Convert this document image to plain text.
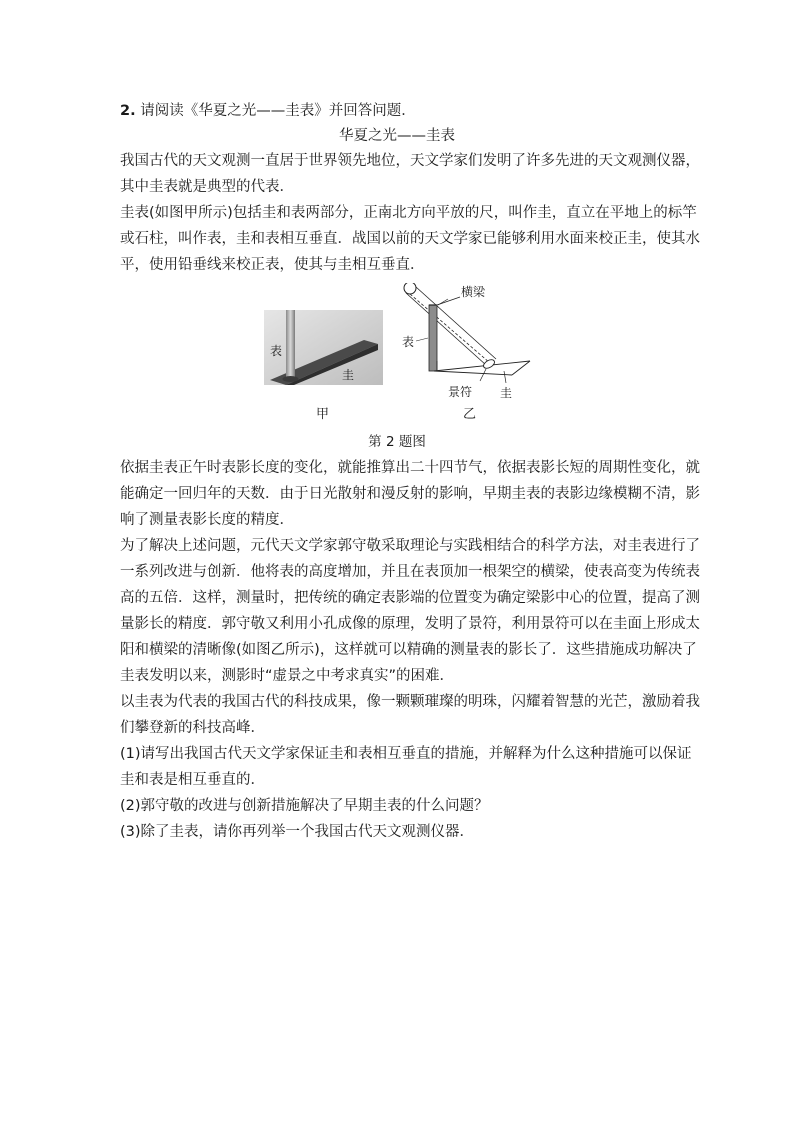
2. 请阅读《华夏之光——圭表》并回答问题．
华夏之光——圭表
我国古代的天文观测一直居于世界领先地位，天文学家们发明了许多先进的天文观测仪器，
其中圭表就是典型的代表．
圭表(如图甲所示)包括圭和表两部分，正南北方向平放的尺，叫作圭，直立在平地上的标竿
或石柱，叫作表，圭和表相互垂直．战国以前的天文学家已能够利用水面来校正圭，使其水
平，使用铅垂线来校正表，使其与圭相互垂直．
表
圭
横梁
表
景符 圭
甲	乙
第 2 题图
依据圭表正午时表影长度的变化，就能推算出二十四节气，依据表影长短的周期性变化，就
能确定一回归年的天数．由于日光散射和漫反射的影响，早期圭表的表影边缘模糊不清，影
响了测量表影长度的精度．
为了解决上述问题，元代天文学家郭守敬采取理论与实践相结合的科学方法，对圭表进行了
一系列改进与创新．他将表的高度增加，并且在表顶加一根架空的横梁，使表高变为传统表
高的五倍．这样，测量时，把传统的确定表影端的位置变为确定梁影中心的位置，提高了测
量影长的精度．郭守敬又利用小孔成像的原理，发明了景符，利用景符可以在圭面上形成太
阳和横梁的清晰像(如图乙所示)，这样就可以精确的测量表的影长了．这些措施成功解决了
圭表发明以来，测影时“虚景之中考求真实”的困难．
以圭表为代表的我国古代的科技成果，像一颗颗璀璨的明珠，闪耀着智慧的光芒，激励着我
们攀登新的科技高峰．
(1)请写出我国古代天文学家保证圭和表相互垂直的措施，并解释为什么这种措施可以保证
圭和表是相互垂直的．
(2)郭守敬的改进与创新措施解决了早期圭表的什么问题？
(3)除了圭表，请你再列举一个我国古代天文观测仪器．
